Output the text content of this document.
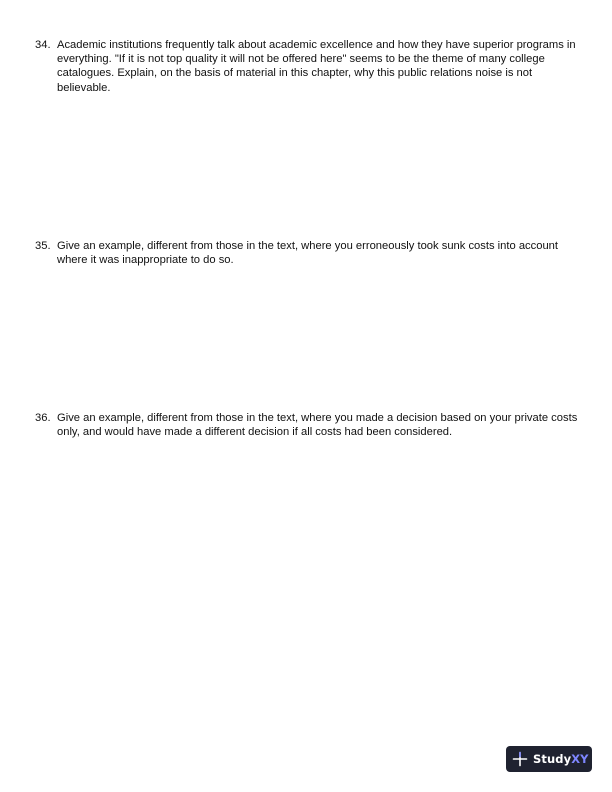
34. Academic institutions frequently talk about academic excellence and how they have superior programs in everything. "If it is not top quality it will not be offered here" seems to be the theme of many college catalogues. Explain, on the basis of material in this chapter, why this public relations noise is not believable.
35. Give an example, different from those in the text, where you erroneously took sunk costs into account where it was inappropriate to do so.
36. Give an example, different from those in the text, where you made a decision based on your private costs only, and would have made a different decision if all costs had been considered.
StudyXY
